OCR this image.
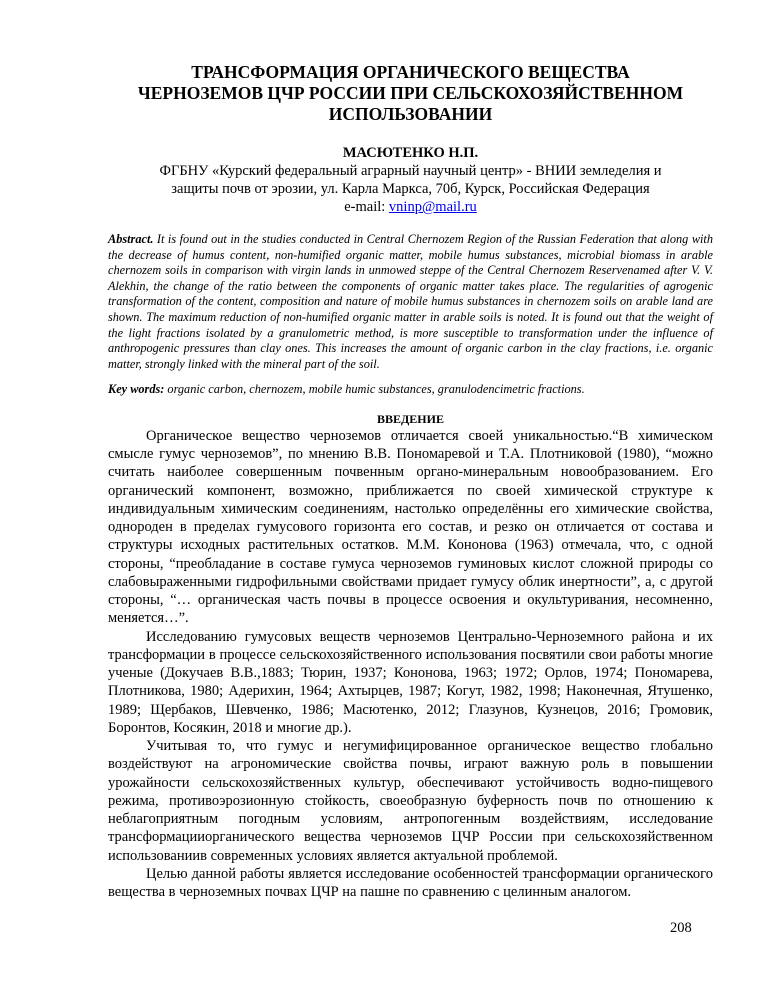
ТРАНСФОРМАЦИЯ ОРГАНИЧЕСКОГО ВЕЩЕСТВА
ЧЕРНОЗЕМОВ ЦЧР РОССИИ ПРИ СЕЛЬСКОХОЗЯЙСТВЕННОМ
ИСПОЛЬЗОВАНИИ
МАСЮТЕНКО Н.П.
ФГБНУ «Курский федеральный аграрный научный центр» - ВНИИ земледелия и
защиты почв от эрозии, ул. Карла Маркса, 70б, Курск, Российская Федерация
e-mail: vninp@mail.ru
Abstract. It is found out in the studies conducted in Central Chernozem Region of the Russian Federation that along with the decrease of humus content, non-humified organic matter, mobile humus substances, microbial biomass in arable chernozem soils in comparison with virgin lands in unmowed steppe of the Central Chernozem Reservenamed after V. V. Alekhin, the change of the ratio between the components of organic matter takes place. The regularities of agrogenic transformation of the content, composition and nature of mobile humus substances in chernozem soils on arable land are shown. The maximum reduction of non-humified organic matter in arable soils is noted. It is found out that the weight of the light fractions isolated by a granulometric method, is more susceptible to transformation under the influence of anthropogenic pressures than clay ones. This increases the amount of organic carbon in the clay fractions, i.e. organic matter, strongly linked with the mineral part of the soil.
Key words: organic carbon, chernozem, mobile humic substances, granulodencimetric fractions.
ВВЕДЕНИЕ

Органическое вещество черноземов отличается своей уникальностью.“В химическом смысле гумус черноземов”, по мнению В.В. Пономаревой и Т.А. Плотниковой (1980), “можно считать наиболее совершенным почвенным органо-минеральным новообразованием. Его органический компонент, возможно, приближается по своей химической структуре к индивидуальным химическим соединениям, настолько определённы его химические свойства, однороден в пределах гумусового горизонта его состав, и резко он отличается от состава и структуры исходных растительных остатков. М.М. Кононова (1963) отмечала, что, с одной стороны, “преобладание в составе гумуса черноземов гуминовых кислот сложной природы со слабовыраженными гидрофильными свойствами придает гумусу облик инертности”, а, с другой стороны, “… органическая часть почвы в процессе освоения и окультуривания, несомненно, меняется…”.

Исследованию гумусовых веществ черноземов Центрально-Черноземного района и их трансформации в процессе сельскохозяйственного использования посвятили свои работы многие ученые (Докучаев В.В.,1883; Тюрин, 1937; Кононова, 1963; 1972; Орлов, 1974; Пономарева, Плотникова, 1980; Адерихин, 1964; Ахтырцев, 1987; Когут, 1982, 1998; Наконечная, Ятушенко, 1989; Щербаков, Шевченко, 1986; Масютенко, 2012; Глазунов, Кузнецов, 2016; Громовик, Боронтов, Косякин, 2018 и многие др.).

Учитывая то, что гумус и негумифицированное органическое вещество глобально воздействуют на агрономические свойства почвы, играют важную роль в повышении урожайности сельскохозяйственных культур, обеспечивают устойчивость водно-пищевого режима, противоэрозионную стойкость, своеобразную буферность почв по отношению к неблагоприятным погодным условиям, антропогенным воздействиям, исследование трансформацииорганического вещества черноземов ЦЧР России при сельскохозяйственном использованиив современных условиях является актуальной проблемой.

Целью данной работы является исследование особенностей трансформации органического вещества в черноземных почвах ЦЧР на пашне по сравнению с целинным аналогом.

208
